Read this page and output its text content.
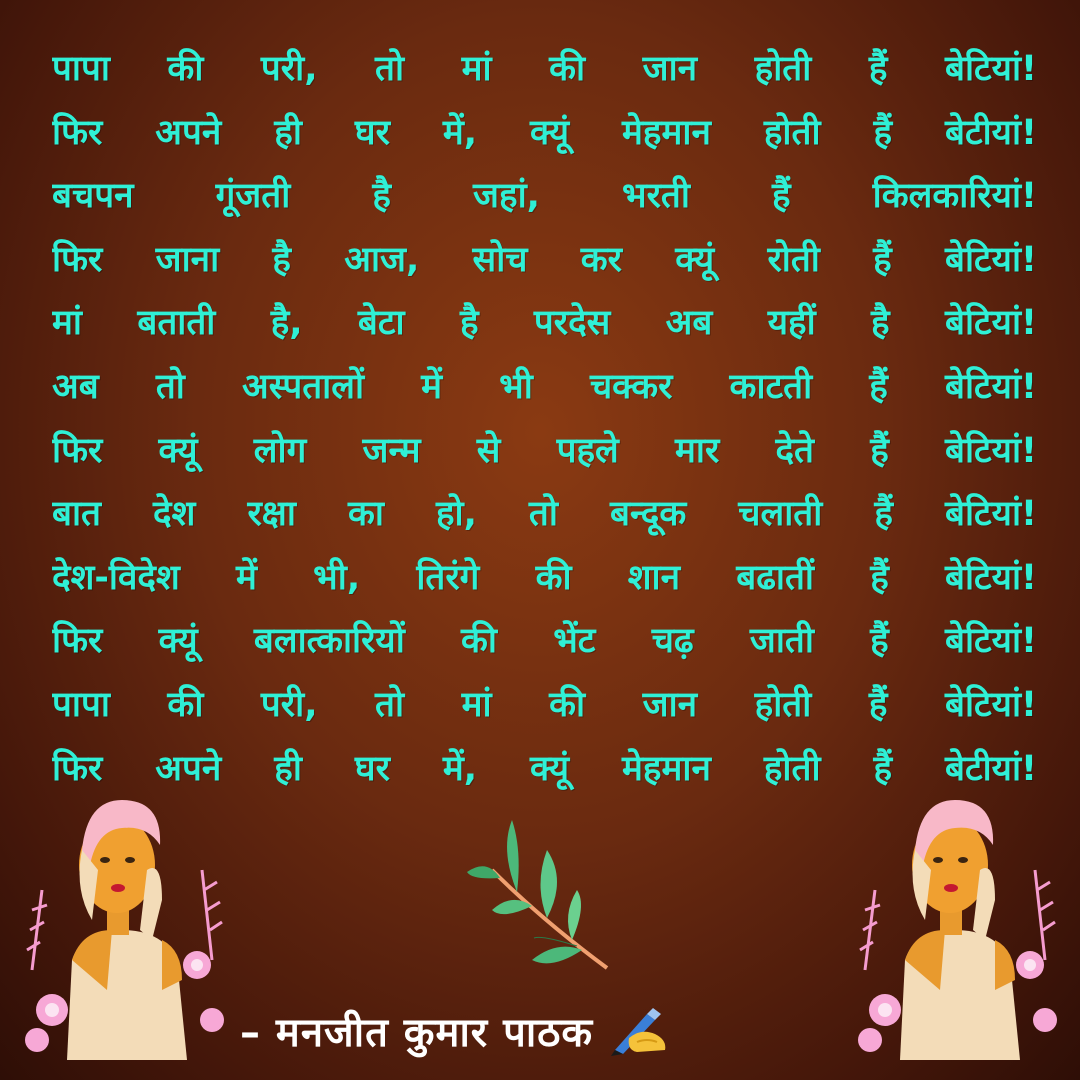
पापा की परी, तो मां की जान होती हैं बेटियां!
फिर अपने ही घर में, क्यूं मेहमान होती हैं बेटीयां!
बचपन गूंजती है जहां, भरती हैं किलकारियां!
फिर जाना है आज, सोच कर क्यूं रोती हैं बेटियां!
मां बताती है, बेटा है परदेस अब यहीं है बेटियां!
अब तो अस्पतालों में भी चक्कर काटती हैं बेटियां!
फिर क्यूं लोग जन्म से पहले मार देते हैं बेटियां!
बात देश रक्षा का हो, तो बन्दूक चलाती हैं बेटियां!
देश-विदेश में भी, तिरंगे की शान बढातीं हैं बेटियां!
फिर क्यूं बलात्कारियों की भेंट चढ़ जाती हैं बेटियां!
पापा की परी, तो मां की जान होती हैं बेटियां!
फिर अपने ही घर में, क्यूं मेहमान होती हैं बेटीयां!
– मनजीत कुमार पाठक
